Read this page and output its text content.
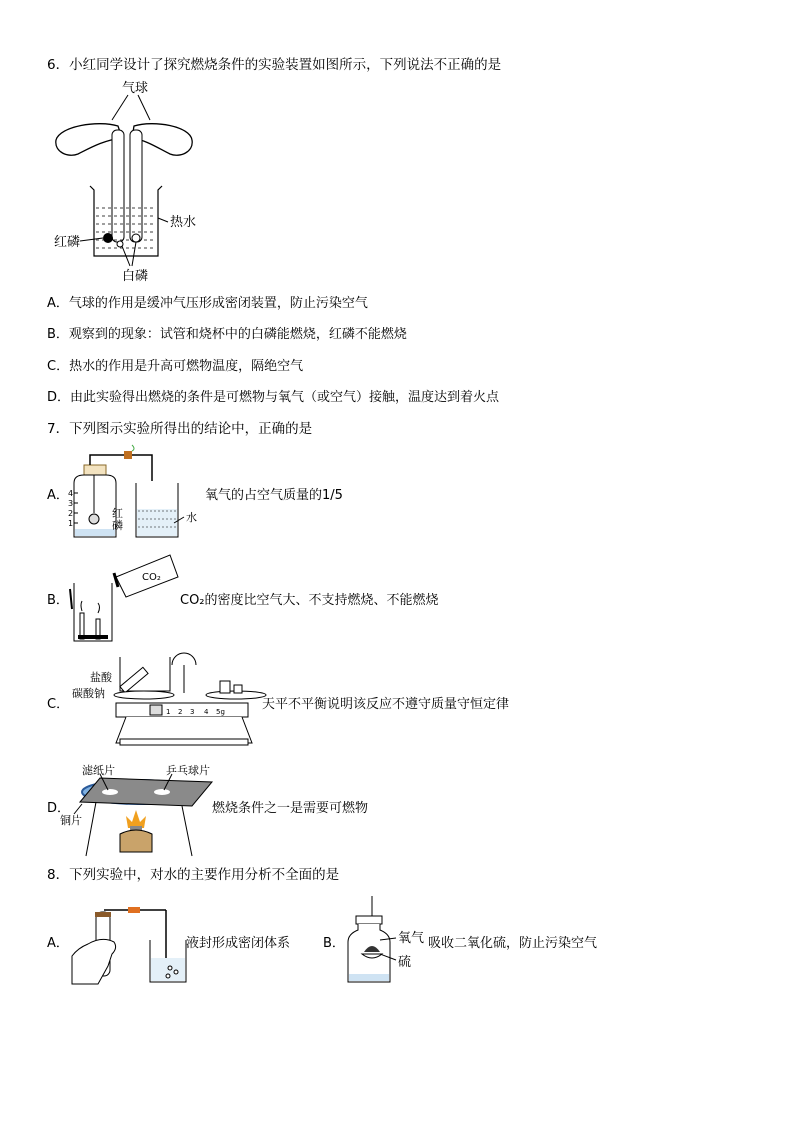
6．小红同学设计了探究燃烧条件的实验装置如图所示，下列说法不正确的是
气球
热水
红磷
白磷
A．气球的作用是缓冲气压形成密闭装置，防止污染空气
B．观察到的现象：试管和烧杯中的白磷能燃烧，红磷不能燃烧
C．热水的作用是升高可燃物温度，隔绝空气
D．由此实验得出燃烧的条件是可燃物与氧气（或空气）接触，温度达到着火点
7．下列图示实验所得出的结论中，正确的是
A． 4
3
2
1
红
磷
水
氧气的占空气质量的1/5
B．
CO₂
CO₂的密度比空气大、不支持燃烧、不能燃烧
C．
盐酸
碳酸钠
1 2 3 4 5g	天平不平衡说明该反应不遵守质量守恒定律
D．
滤纸片	乒乓球片
铜片
燃烧条件之一是需要可燃物
8．下列实验中，对水的主要作用分析不全面的是
A．	液封形成密闭体系	B．	氧气
硫
吸收二氧化硫，防止污染空气
